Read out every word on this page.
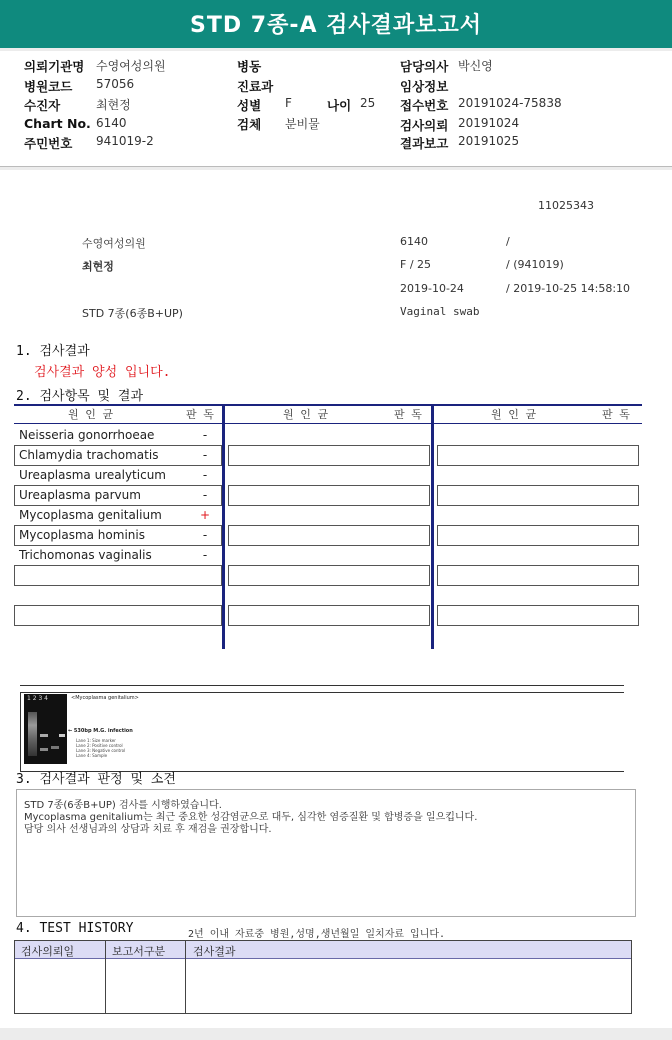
STD 7종-A 검사결과보고서
의뢰기관명 수영여성의원
병원코드 57056
수진자	최현정
Chart No. 6140
주민번호 941019-2
병동
진료과
성별 F	나이 25
검체 분비물
담당의사 박신영
임상정보
접수번호 20191024-75838
검사의뢰 20191024
결과보고 20191025
11025343
수영여성의원	6140	/
최현정	F / 25	/ (941019)
2019-10-24	/ 2019-10-25 14:58:10
STD 7종(6종B+UP)	Vaginal swab
1. 검사결과
검사결과 양성 입니다.
2. 검사항목 및 결과
원 인 균	판 독	원 인 균	판 독	원 인 균	판 독
Neisseria gonorrhoeae	-
Chlamydia trachomatis	-
Ureaplasma urealyticum	-
Ureaplasma parvum	-
Mycoplasma genitalium	+
Mycoplasma hominis	-
Trichomonas vaginalis	-
1 2 3 4	<Mycoplasma genitalium>
← 530bp M.G. infection
Lane 1: Size marker
Lane 2: Positive control
Lane 3: Negative control
Lane 4: Sample
3. 검사결과 판정 및 소견
STD 7종(6종B+UP) 검사를 시행하였습니다.
Mycoplasma genitalium는 최근 중요한 성감염균으로 대두, 심각한 염증질환 및 합병증을 일으킵니다.
담당 의사 선생님과의 상담과 치료 후 재검을 권장합니다.
4. TEST HISTORY	2년 이내 자료중 병원,성명,생년월일 일치자료 입니다.
검사의뢰일	보고서구분	검사결과
